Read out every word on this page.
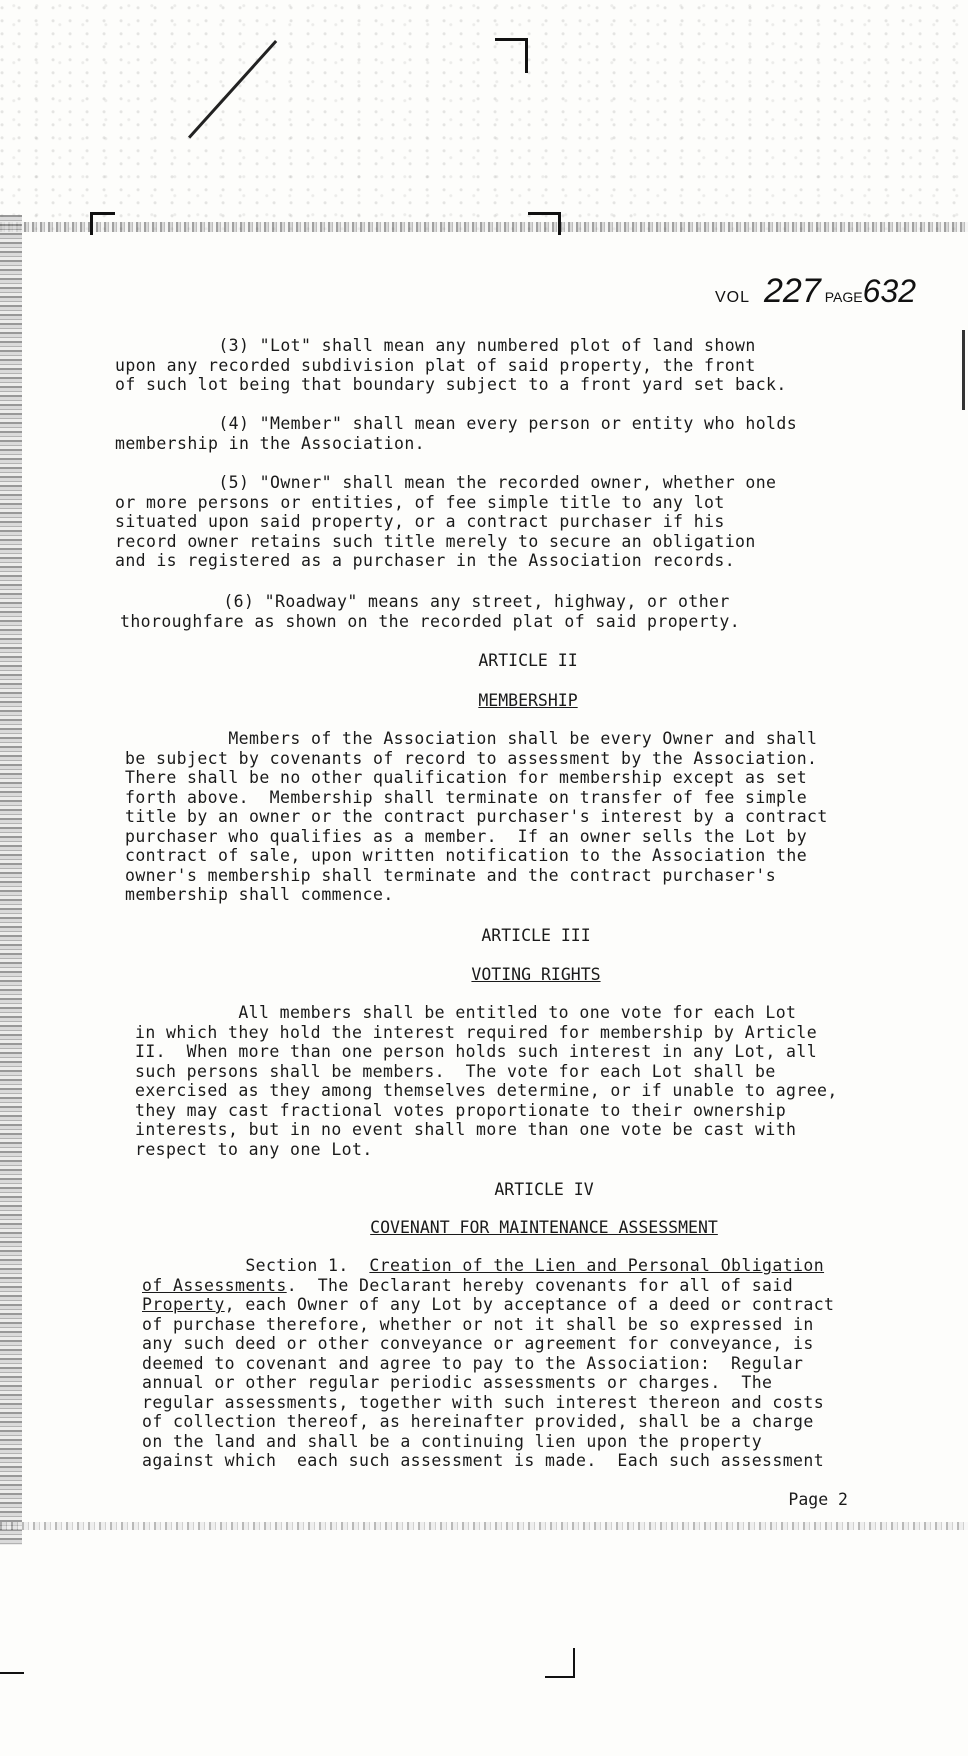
VOL 227 PAGE632

(3) "Lot" shall mean any numbered plot of land shown
upon any recorded subdivision plat of said property, the front
of such lot being that boundary subject to a front yard set back.

(4) "Member" shall mean every person or entity who holds
membership in the Association.

(5) "Owner" shall mean the recorded owner, whether one
or more persons or entities, of fee simple title to any lot
situated upon said property, or a contract purchaser if his
record owner retains such title merely to secure an obligation
and is registered as a purchaser in the Association records.

(6) "Roadway" means any street, highway, or other
thoroughfare as shown on the recorded plat of said property.

ARTICLE II

MEMBERSHIP

Members of the Association shall be every Owner and shall
be subject by covenants of record to assessment by the Association.
There shall be no other qualification for membership except as set
forth above.  Membership shall terminate on transfer of fee simple
title by an owner or the contract purchaser's interest by a contract
purchaser who qualifies as a member.  If an owner sells the Lot by
contract of sale, upon written notification to the Association the
owner's membership shall terminate and the contract purchaser's
membership shall commence.

ARTICLE III

VOTING RIGHTS

All members shall be entitled to one vote for each Lot
in which they hold the interest required for membership by Article
II.  When more than one person holds such interest in any Lot, all
such persons shall be members.  The vote for each Lot shall be
exercised as they among themselves determine, or if unable to agree,
they may cast fractional votes proportionate to their ownership
interests, but in no event shall more than one vote be cast with
respect to any one Lot.

ARTICLE IV

COVENANT FOR MAINTENANCE ASSESSMENT

Section 1.  Creation of the Lien and Personal Obligation
of Assessments.  The Declarant hereby covenants for all of said
Property, each Owner of any Lot by acceptance of a deed or contract
of purchase therefore, whether or not it shall be so expressed in
any such deed or other conveyance or agreement for conveyance, is
deemed to covenant and agree to pay to the Association:  Regular
annual or other regular periodic assessments or charges.  The
regular assessments, together with such interest thereon and costs
of collection thereof, as hereinafter provided, shall be a charge
on the land and shall be a continuing lien upon the property
against which  each such assessment is made.  Each such assessment

Page 2
